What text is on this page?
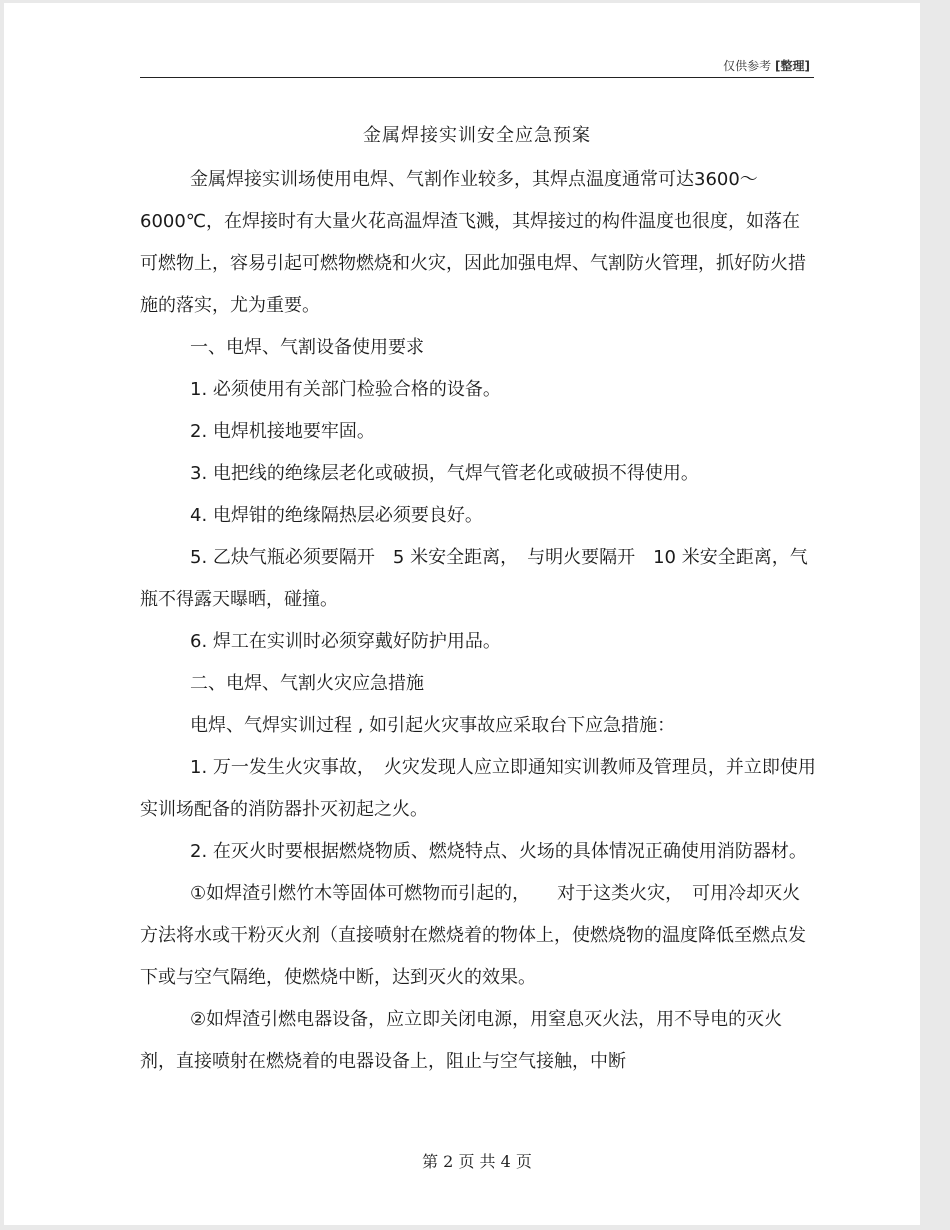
仅供参考 [整理]
金属焊接实训安全应急预案

金属焊接实训场使用电焊、气割作业较多，其焊点温度通常可达3600～6000℃，在焊接时有大量火花高温焊渣飞溅，其焊接过的构件温度也很度，如落在可燃物上，容易引起可燃物燃烧和火灾，因此加强电焊、气割防火管理，抓好防火措施的落实，尤为重要。

一、电焊、气割设备使用要求

1. 必须使用有关部门检验合格的设备。

2. 电焊机接地要牢固。

3. 电把线的绝缘层老化或破损，气焊气管老化或破损不得使用。

4. 电焊钳的绝缘隔热层必须要良好。

5. 乙炔气瓶必须要隔开　5 米安全距离，　与明火要隔开　10 米安全距离，气瓶不得露天曝晒，碰撞。

6. 焊工在实训时必须穿戴好防护用品。

二、电焊、气割火灾应急措施

电焊、气焊实训过程 , 如引起火灾事故应采取台下应急措施：

1. 万一发生火灾事故，　火灾发现人应立即通知实训教师及管理员，并立即使用实训场配备的消防器扑灭初起之火。

2. 在灭火时要根据燃烧物质、燃烧特点、火场的具体情况正确使用消防器材。

①如焊渣引燃竹木等固体可燃物而引起的，　　对于这类火灾，　可用冷却灭火方法将水或干粉灭火剂（直接喷射在燃烧着的物体上，使燃烧物的温度降低至燃点发下或与空气隔绝，使燃烧中断，达到灭火的效果。

②如焊渣引燃电器设备，应立即关闭电源，用窒息灭火法，用不导电的灭火剂，直接喷射在燃烧着的电器设备上，阻止与空气接触，中断

第 2 页 共 4 页
